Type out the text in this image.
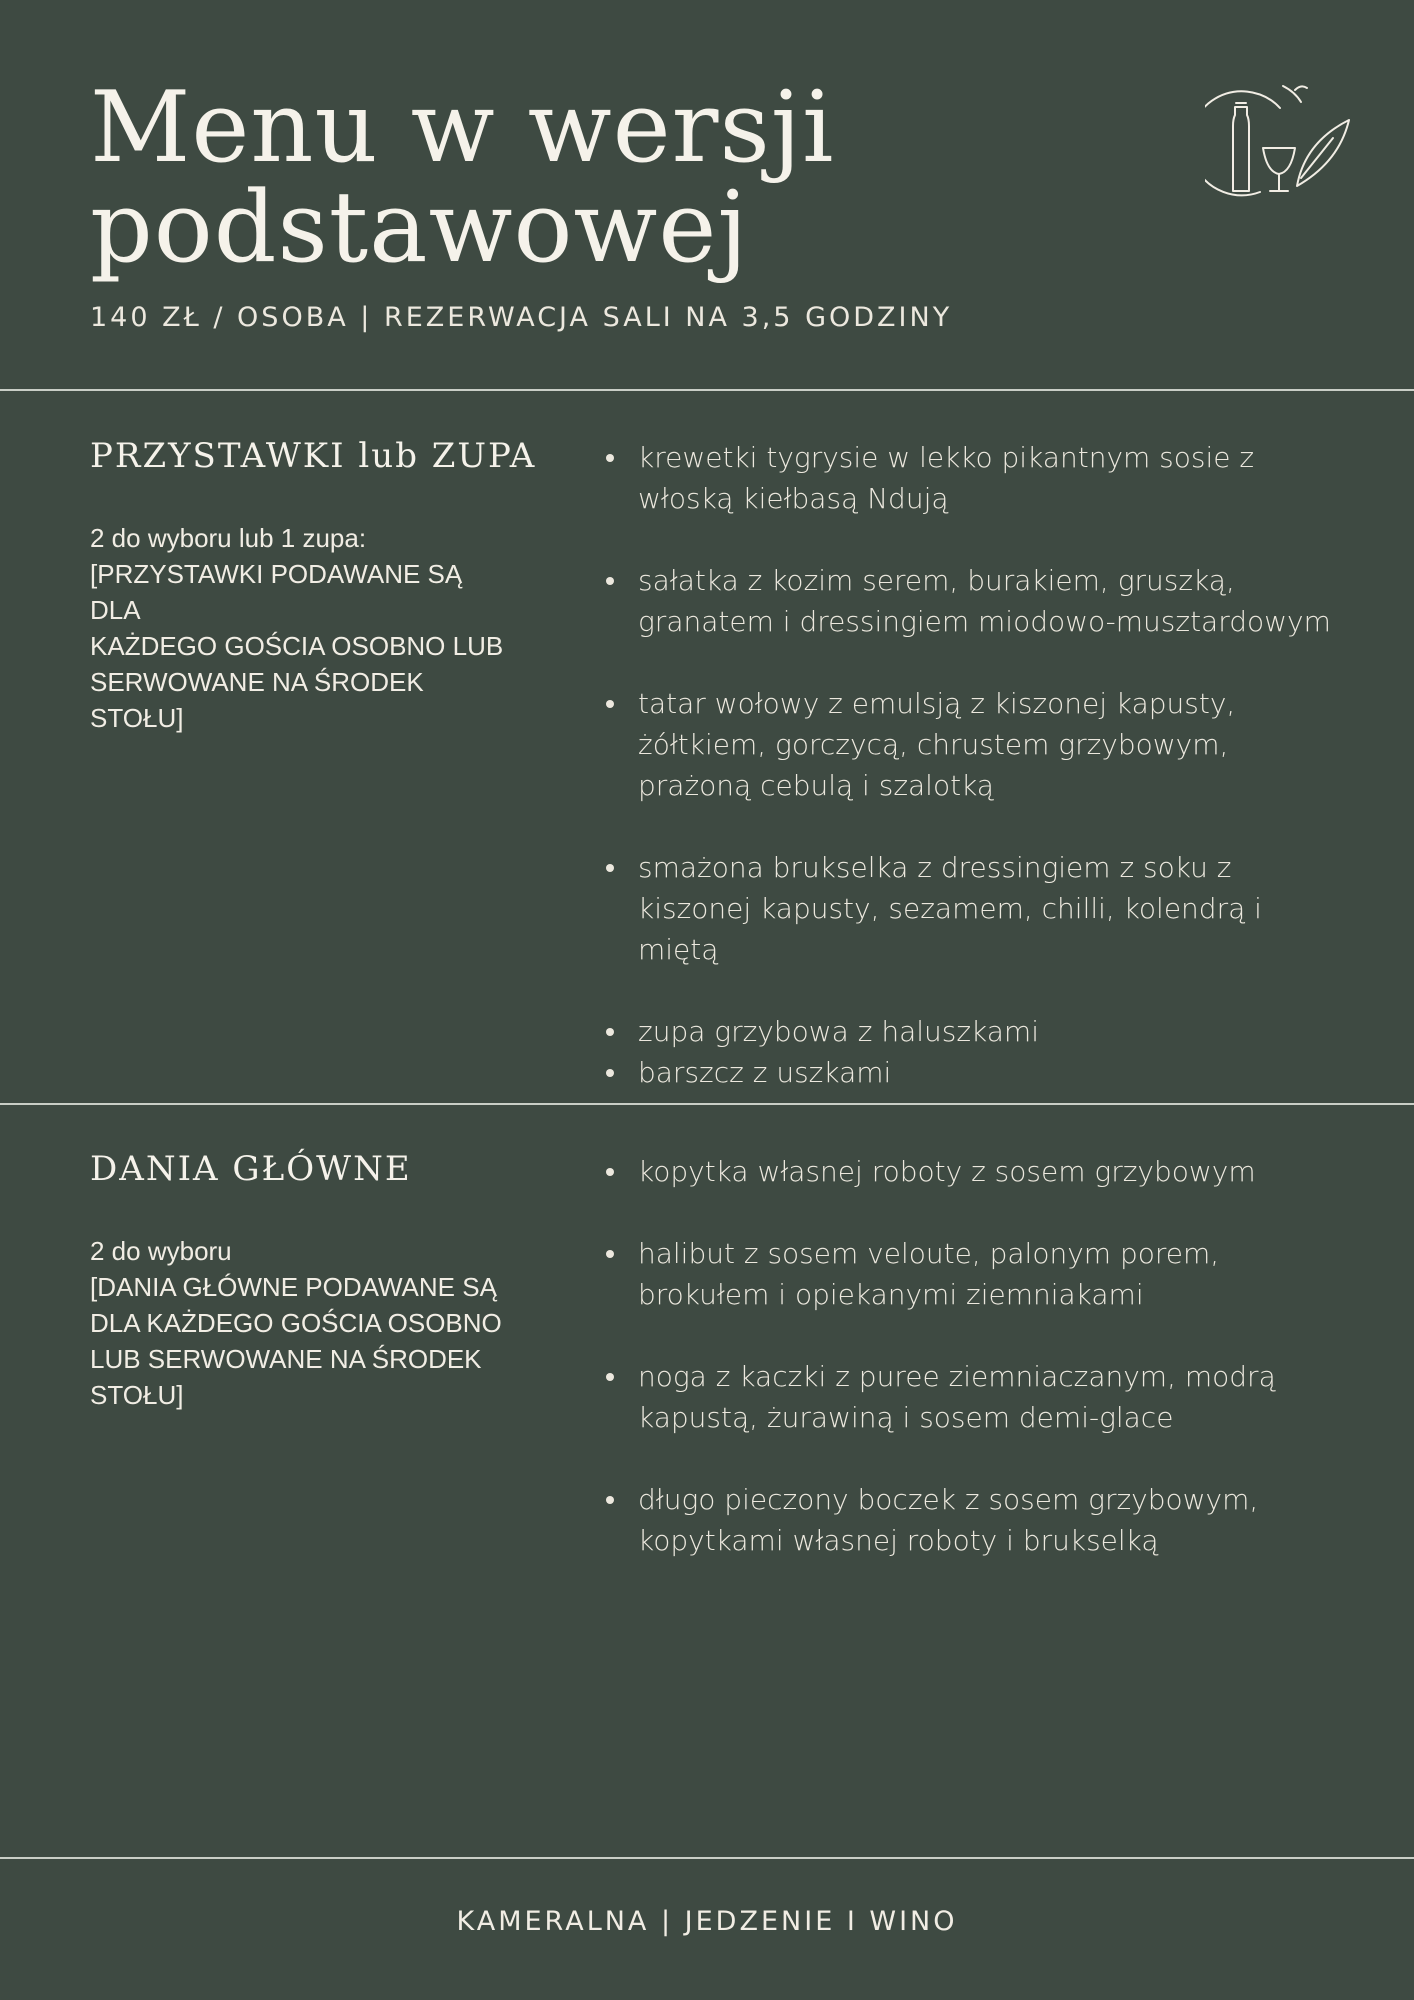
Menu w wersji
podstawowej
140 ZŁ / OSOBA | REZERWACJA SALI NA 3,5 GODZINY
PRZYSTAWKI lub ZUPA
2 do wyboru lub 1 zupa:
[PRZYSTAWKI PODAWANE SĄ DLA
KAŻDEGO GOŚCIA OSOBNO LUB
SERWOWANE NA ŚRODEK STOŁU]
krewetki tygrysie w lekko pikantnym sosie z
włoską kiełbasą Ndują
sałatka z kozim serem, burakiem, gruszką,
granatem i dressingiem miodowo-musztardowym
tatar wołowy z emulsją z kiszonej kapusty,
żółtkiem, gorczycą, chrustem grzybowym,
prażoną cebulą i szalotką
smażona brukselka z dressingiem z soku z
kiszonej kapusty, sezamem, chilli, kolendrą i
miętą
zupa grzybowa z haluszkami
barszcz z uszkami
DANIA GŁÓWNE
2 do wyboru
[DANIA GŁÓWNE PODAWANE SĄ
DLA KAŻDEGO GOŚCIA OSOBNO
LUB SERWOWANE NA ŚRODEK
STOŁU]
kopytka własnej roboty z sosem grzybowym
halibut z sosem veloute, palonym porem,
brokułem i opiekanymi ziemniakami
noga z kaczki z puree ziemniaczanym, modrą
kapustą, żurawiną i sosem demi-glace
długo pieczony boczek z sosem grzybowym,
kopytkami własnej roboty i brukselką
KAMERALNA | JEDZENIE I WINO
